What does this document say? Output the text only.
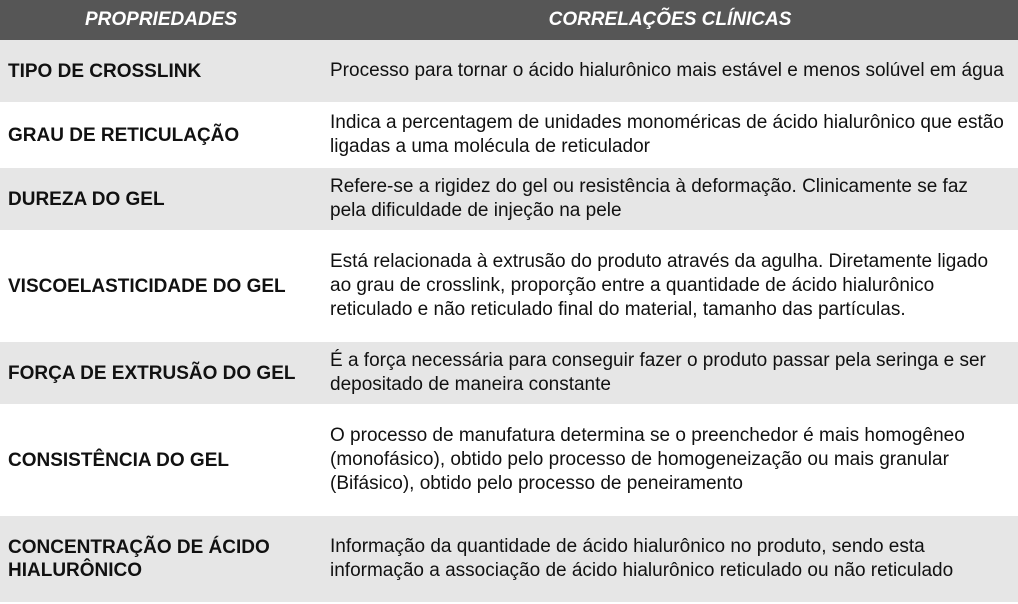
PROPRIEDADES	CORRELAÇÕES CLÍNICAS
TIPO DE CROSSLINK	Processo para tornar o ácido hialurônico mais estável e menos solúvel em água
GRAU DE RETICULAÇÃO
Indica a percentagem de unidades monoméricas de ácido hialurônico que estão ligadas a uma molécula de reticulador
DUREZA DO GEL
Refere-se a rigidez do gel ou resistência à deformação. Clinicamente se faz pela dificuldade de injeção na pele
VISCOELASTICIDADE DO GEL
Está relacionada à extrusão do produto através da agulha. Diretamente ligado ao grau de crosslink, proporção entre a quantidade de ácido hialurônico reticulado e não reticulado final do material, tamanho das partículas.
FORÇA DE EXTRUSÃO DO GEL
É a força necessária para conseguir fazer o produto passar pela seringa e ser depositado de maneira constante
CONSISTÊNCIA DO GEL
O processo de manufatura determina se o preenchedor é mais homogêneo (monofásico), obtido pelo processo de homogeneização ou mais granular (Bifásico), obtido pelo processo de peneiramento
CONCENTRAÇÃO DE ÁCIDO HIALURÔNICO
Informação da quantidade de ácido hialurônico no produto, sendo esta informação a associação de ácido hialurônico reticulado ou não reticulado
